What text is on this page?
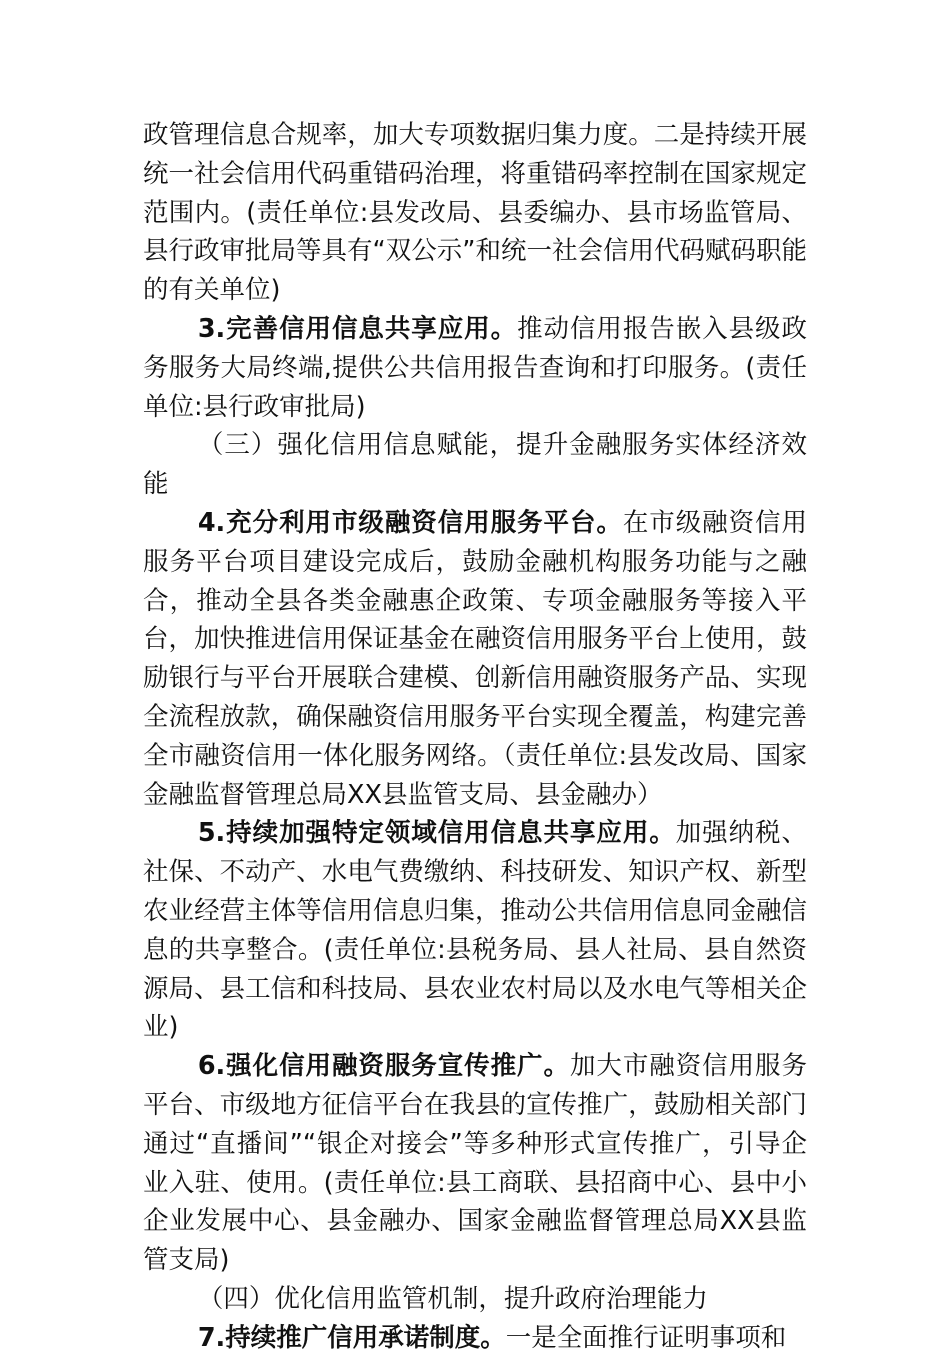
政管理信息合规率，加大专项数据归集力度。二是持续开展统一社会信用代码重错码治理，将重错码率控制在国家规定范围内。(责任单位:县发改局、县委编办、县市场监管局、县行政审批局等具有“双公示”和统一社会信用代码赋码职能的有关单位)

3.完善信用信息共享应用。推动信用报告嵌入县级政务服务大局终端,提供公共信用报告查询和打印服务。(责任单位:县行政审批局)

（三）强化信用信息赋能，提升金融服务实体经济效能

4.充分利用市级融资信用服务平台。在市级融资信用服务平台项目建设完成后，鼓励金融机构服务功能与之融合，推动全县各类金融惠企政策、专项金融服务等接入平台，加快推进信用保证基金在融资信用服务平台上使用，鼓励银行与平台开展联合建模、创新信用融资服务产品、实现全流程放款，确保融资信用服务平台实现全覆盖，构建完善全市融资信用一体化服务网络。（责任单位:县发改局、国家金融监督管理总局XX县监管支局、县金融办）

5.持续加强特定领域信用信息共享应用。加强纳税、社保、不动产、水电气费缴纳、科技研发、知识产权、新型农业经营主体等信用信息归集，推动公共信用信息同金融信息的共享整合。(责任单位:县税务局、县人社局、县自然资源局、县工信和科技局、县农业农村局以及水电气等相关企业)

6.强化信用融资服务宣传推广。加大市融资信用服务平台、市级地方征信平台在我县的宣传推广，鼓励相关部门通过“直播间”“银企对接会”等多种形式宣传推广，引导企业入驻、使用。(责任单位:县工商联、县招商中心、县中小企业发展中心、县金融办、国家金融监督管理总局XX县监管支局)

（四）优化信用监管机制，提升政府治理能力

7.持续推广信用承诺制度。一是全面推行证明事项和
